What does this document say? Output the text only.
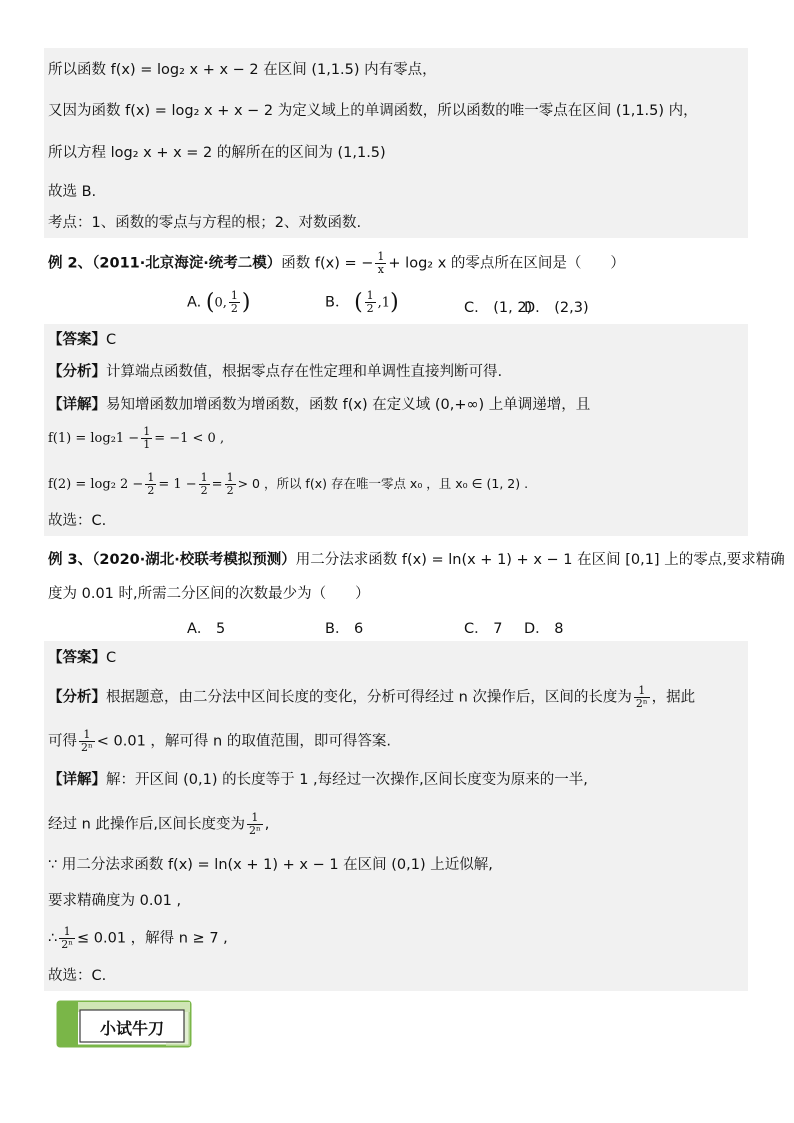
所以函数 f(x) = log₂ x + x − 2 在区间 (1,1.5) 内有零点，
又因为函数 f(x) = log₂ x + x − 2 为定义域上的单调函数，所以函数的唯一零点在区间 (1,1.5) 内，
所以方程 log₂ x + x = 2 的解所在的区间为 (1,1.5)
故选 B.
考点：1、函数的零点与方程的根；2、对数函数.
例 2、（2011·北京海淀·统考二模）函数 f(x) = − $\frac{1}{x} + \log_2$ x 的零点所在区间是（　　）
A. (0, $\frac{1}{2}$ )	B． ( $\frac{1}{2} ,1$)	C.　(1, 2)
D.　(2,3)
【答案】C
【分析】计算端点函数值，根据零点存在性定理和单调性直接判断可得.
【详解】易知增函数加增函数为增函数，函数 f(x) 在定义域 (0,+∞) 上单调递增，且
$f(1) = \log_21 - \frac{1}{1} = -1 < 0$ ,
f(2) = log₂ $2 - \frac{1}{2} = 1 - \frac{1}{2} = \frac{1}{2} > 0$ ，所以 f(x) 存在唯一零点 x₀ ，且 x₀ ∈ (1, 2) .
故选：C.
例 3、（2020·湖北·校联考模拟预测）用二分法求函数 f(x) = ln(x + 1) + x − 1 在区间 [0,1] 上的零点,要求精确
度为 0.01 时,所需二分区间的次数最少为（　　）
A． 5	B． 6	C． 7 D． 8
【答案】C
【分析】根据题意，由二分法中区间长度的变化，分析可得经过 n 次操作后，区间的长度为 $\frac{1}{\text{2ⁿ}}$ ，据此
可得 $\frac{1}{\text{2ⁿ}} < 0.01$ ，解可得 n 的取值范围，即可得答案.
【详解】解：开区间 (0,1) 的长度等于 1 ,每经过一次操作,区间长度变为原来的一半,
经过 n 此操作后,区间长度变为 $\frac{1}{\text{2ⁿ}}$ ,
∵ 用二分法求函数 f(x) = ln(x + 1) + x − 1 在区间 (0,1) 上近似解,
要求精确度为 0.01 ,
∴ $\frac{1}{\text{2ⁿ}} \le 0.01$ ，解得 n ≥ 7 ,
故选：C.
小试牛刀
